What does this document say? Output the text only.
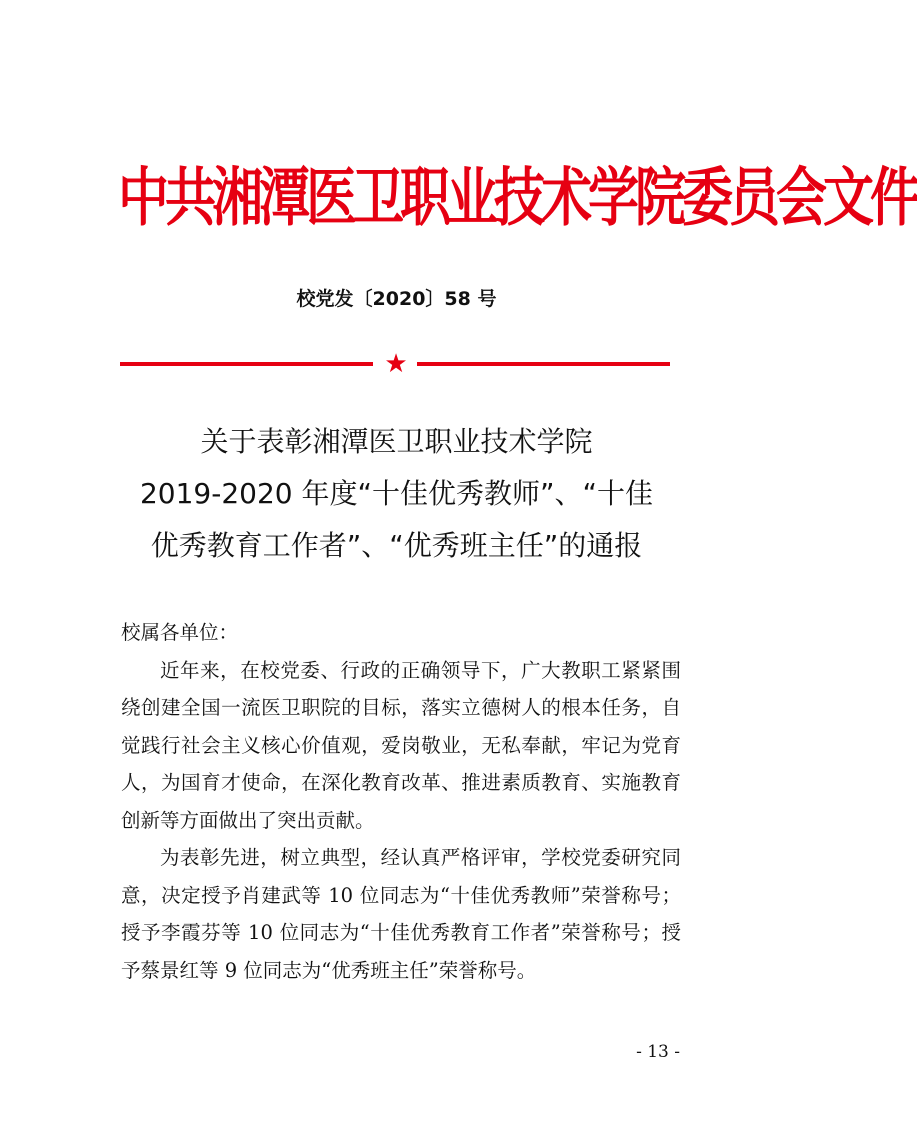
中共湘潭医卫职业技术学院委员会文件
校党发〔2020〕58 号
★
关于表彰湘潭医卫职业技术学院
2019-2020 年度“十佳优秀教师”、“十佳
优秀教育工作者”、“优秀班主任”的通报

校属各单位：

近年来，在校党委、行政的正确领导下，广大教职工紧紧围绕创建全国一流医卫职院的目标，落实立德树人的根本任务，自觉践行社会主义核心价值观，爱岗敬业，无私奉献，牢记为党育人，为国育才使命，在深化教育改革、推进素质教育、实施教育创新等方面做出了突出贡献。

为表彰先进，树立典型，经认真严格评审，学校党委研究同意，决定授予肖建武等 10 位同志为“十佳优秀教师”荣誉称号；授予李霞芬等 10 位同志为“十佳优秀教育工作者”荣誉称号；授予蔡景红等 9 位同志为“优秀班主任”荣誉称号。

- 13 -
